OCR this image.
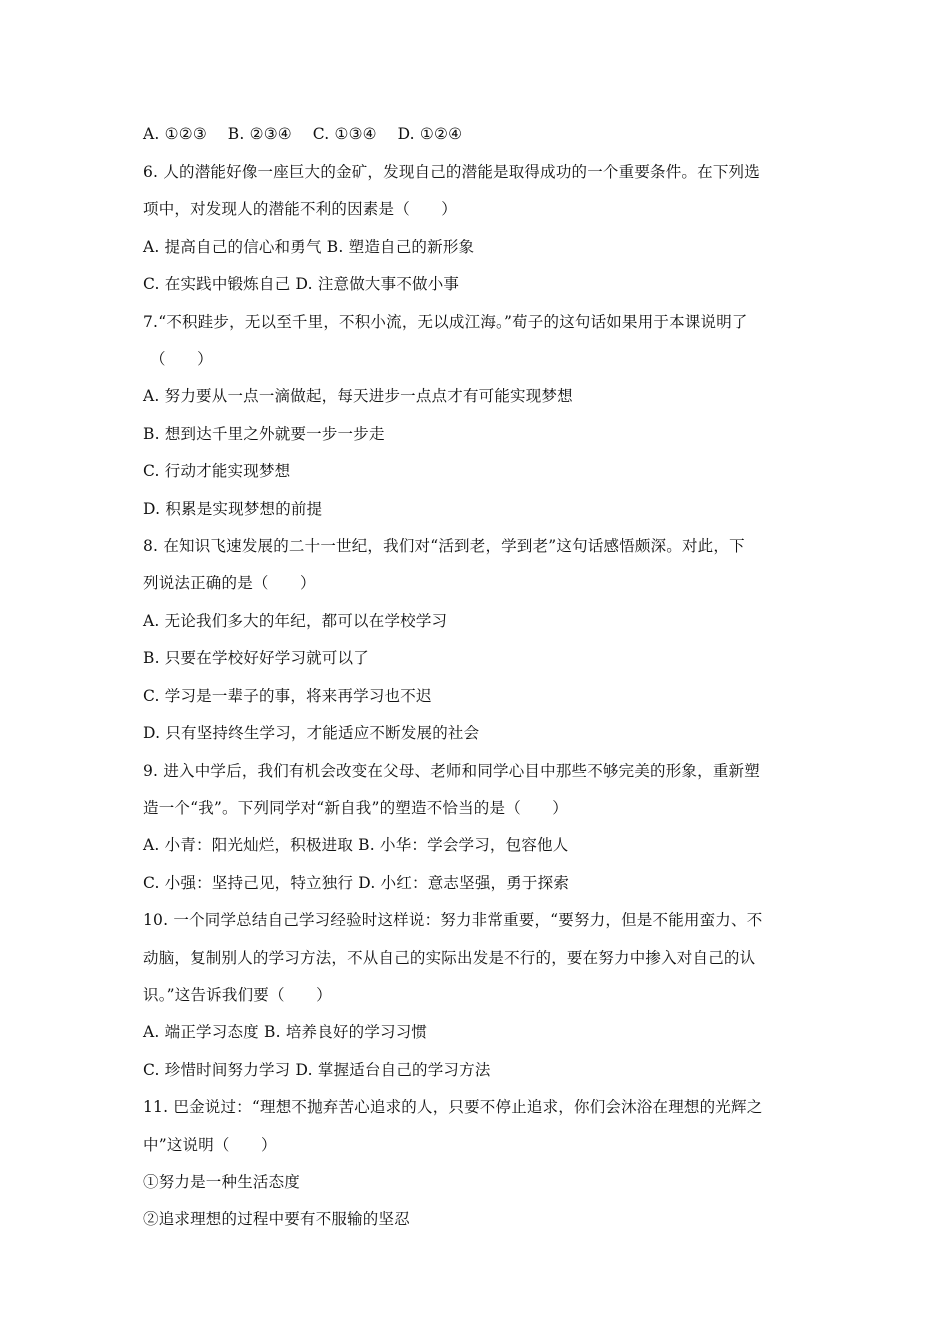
A. ①②③　 B. ②③④　 C. ①③④　 D. ①②④
6. 人的潜能好像一座巨大的金矿，发现自己的潜能是取得成功的一个重要条件。在下列选
项中，对发现人的潜能不利的因素是（　　）
A. 提高自己的信心和勇气 B. 塑造自己的新形象
C. 在实践中锻炼自己 D. 注意做大事不做小事
7.“不积跬步，无以至千里，不积小流，无以成江海。”荀子的这句话如果用于本课说明了
（　　）
A. 努力要从一点一滴做起，每天进步一点点才有可能实现梦想
B. 想到达千里之外就要一步一步走
C. 行动才能实现梦想
D. 积累是实现梦想的前提
8. 在知识飞速发展的二十一世纪，我们对“活到老，学到老”这句话感悟颇深。对此，下
列说法正确的是（　　）
A. 无论我们多大的年纪，都可以在学校学习
B. 只要在学校好好学习就可以了
C. 学习是一辈子的事，将来再学习也不迟
D. 只有坚持终生学习，才能适应不断发展的社会
9. 进入中学后，我们有机会改变在父母、老师和同学心目中那些不够完美的形象，重新塑
造一个“我”。下列同学对“新自我”的塑造不恰当的是（　　）
A. 小青：阳光灿烂，积极进取 B. 小华：学会学习，包容他人
C. 小强：坚持己见，特立独行 D. 小红：意志坚强，勇于探索
10. 一个同学总结自己学习经验时这样说：努力非常重要，“要努力，但是不能用蛮力、不
动脑，复制别人的学习方法，不从自己的实际出发是不行的，要在努力中掺入对自己的认
识。”这告诉我们要（　　）
A. 端正学习态度 B. 培养良好的学习习惯
C. 珍惜时间努力学习 D. 掌握适台自己的学习方法
11. 巴金说过：“理想不抛弃苦心追求的人，只要不停止追求，你们会沐浴在理想的光辉之
中”这说明（　　）
①努力是一种生活态度
②追求理想的过程中要有不服输的坚忍
